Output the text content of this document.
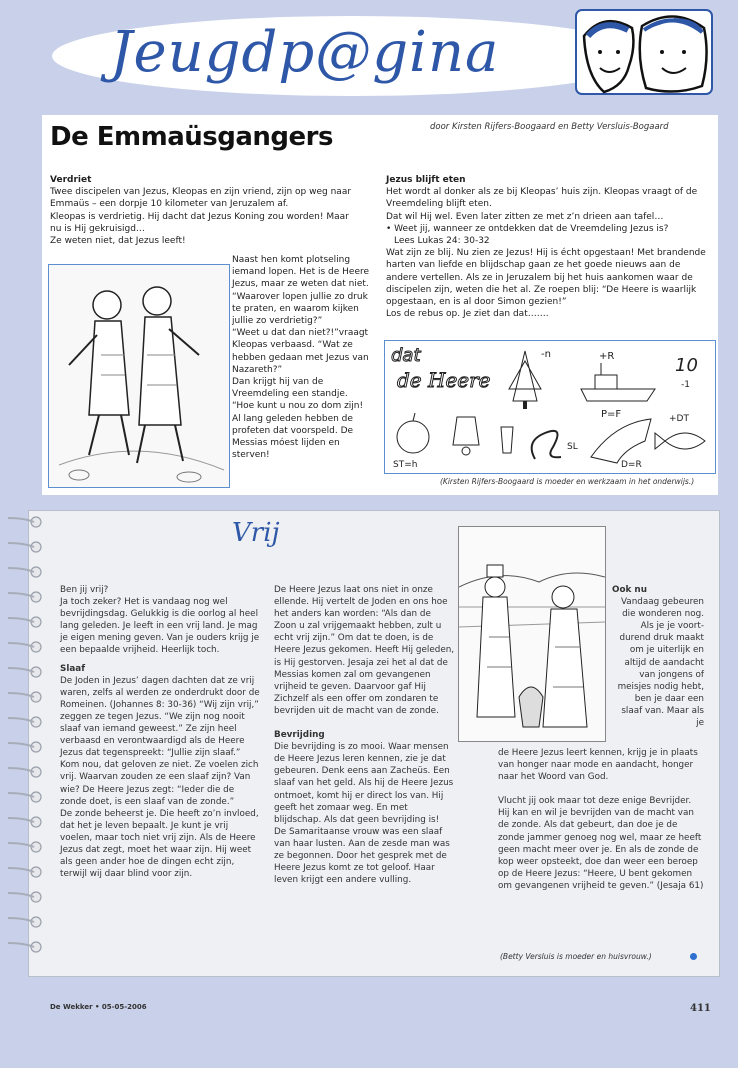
Jeugdp@gina
De Emmaüsgangers	door Kirsten Rijfers-Boogaard en Betty Versluis-Bogaard

Verdriet

Twee discipelen van Jezus, Kleopas en zijn vriend, zijn op weg naar Emmaüs – een dorpje 10 kilometer van Jeruzalem af.

Kleopas is verdrietig. Hij dacht dat Jezus Koning zou worden! Maar nu is Hij gekruisigd…

Ze weten niet, dat Jezus leeft!

Naast hen komt plotseling iemand lopen. Het is de Heere Jezus, maar ze weten dat niet.
“Waarover lopen jullie zo druk te praten, en waarom kijken jullie zo verdrietig?”
“Weet u dat dan niet?!”vraagt Kleopas verbaasd. “Wat ze hebben gedaan met Jezus van Nazareth?”
Dan krijgt hij van de Vreemdeling een standje. “Hoe kunt u nou zo dom zijn! Al lang geleden hebben de profeten dat voorspeld. De Messias móest lijden en sterven!

Jezus blijft eten

Het wordt al donker als ze bij Kleopas’ huis zijn. Kleopas vraagt of de Vreemdeling blijft eten.

Dat wil Hij wel. Even later zitten ze met z’n drieen aan tafel…

• Weet jij, wanneer ze ontdekken dat de Vreemdeling Jezus is?

Lees Lukas 24: 30-32

Wat zijn ze blij. Nu zien ze Jezus! Hij is écht opgestaan! Met brandende harten van liefde en blijdschap gaan ze het goede nieuws aan de andere vertellen. Als ze in Jeruzalem bij het huis aankomen waar de discipelen zijn, weten die het al. Ze roepen blij: “De Heere is waarlijk opgestaan, en is al door Simon gezien!”

Los de rebus op. Je ziet dan dat…….

dat
de Heere
-n	+R
P=F
10
-1
ST=h
SL
D=R
+DT
(Kirsten Rijfers-Boogaard is moeder en werkzaam in het onderwijs.)
Vrij

Ben jij vrij?
Ja toch zeker? Het is vandaag nog wel bevrijdingsdag. Gelukkig is die oorlog al heel lang geleden. Je leeft in een vrij land. Je mag je eigen mening geven. Van je ouders krijg je een bepaalde vrijheid. Heerlijk toch.

Slaaf

De Joden in Jezus’ dagen dachten dat ze vrij waren, zelfs al werden ze onderdrukt door de Romeinen. (Johannes 8: 30-36) “Wij zijn vrij,” zeggen ze tegen Jezus. “We zijn nog nooit slaaf van iemand geweest.” Ze zijn heel verbaasd en verontwaardigd als de Heere Jezus dat tegenspreekt: “Jullie zijn slaaf.” Kom nou, dat geloven ze niet. Ze voelen zich vrij. Waarvan zouden ze een slaaf zijn? Van wie? De Heere Jezus zegt: “Ieder die de zonde doet, is een slaaf van de zonde.”
De zonde beheerst je. Die heeft zo’n invloed, dat het je leven bepaalt. Je kunt je vrij voelen, maar toch niet vrij zijn. Als de Heere Jezus dat zegt, moet het waar zijn. Hij weet als geen ander hoe de dingen echt zijn, terwijl wij daar blind voor zijn.

De Heere Jezus laat ons niet in onze ellende. Hij vertelt de Joden en ons hoe het anders kan worden: “Als dan de Zoon u zal vrijgemaakt hebben, zult u echt vrij zijn.” Om dat te doen, is de Heere Jezus gekomen. Heeft Hij geleden, is Hij gestorven. Jesaja zei het al dat de Messias komen zal om gevangenen vrijheid te geven. Daarvoor gaf Hij Zichzelf als een offer om zondaren te bevrijden uit de macht van de zonde.

Bevrijding

Die bevrijding is zo mooi. Waar mensen de Heere Jezus leren kennen, zie je dat gebeuren. Denk eens aan Zacheüs. Een slaaf van het geld. Als hij de Heere Jezus ontmoet, komt hij er direct los van. Hij geeft het zomaar weg. En met blijdschap. Als dat geen bevrijding is!
De Samaritaanse vrouw was een slaaf van haar lusten. Aan de zesde man was ze begonnen. Door het gesprek met de Heere Jezus komt ze tot geloof. Haar leven krijgt een andere vulling.

Ook nu

Vandaag gebeuren die wonderen nog. Als je je voort-durend druk maakt om je uiterlijk en altijd de aandacht van jongens of meisjes nodig hebt, ben je daar een slaaf van. Maar als je

de Heere Jezus leert kennen, krijg je in plaats van honger naar mode en aandacht, honger naar het Woord van God.

Vlucht jij ook maar tot deze enige Bevrijder. Hij kan en wil je bevrijden van de macht van de zonde. Als dat gebeurt, dan doe je de zonde jammer genoeg nog wel, maar ze heeft geen macht meer over je. En als de zonde de kop weer opsteekt, doe dan weer een beroep op de Heere Jezus: “Heere, U bent gekomen om gevangenen vrijheid te geven.” (Jesaja 61)

(Betty Versluis is moeder en huisvrouw.)
De Wekker • 05-05-2006	411
